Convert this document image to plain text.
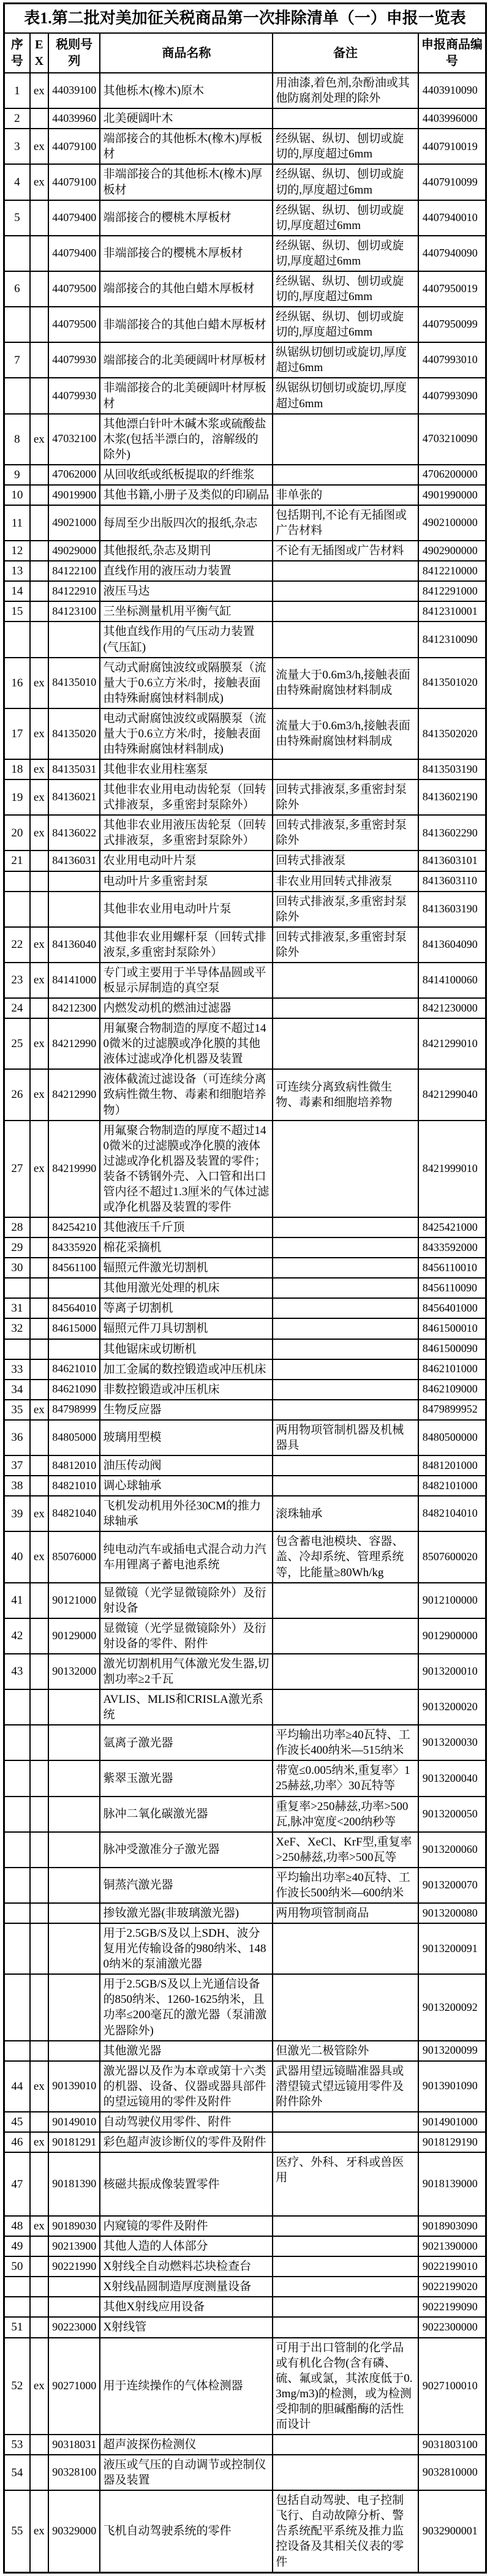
表1.第二批对美加征关税商品第一次排除清单（一）申报一览表					
序号	EX	税则号列	商品名称	备注	申报商品编号
1	ex	44039100	其他栎木(橡木)原木	用油漆,着色剂,杂酚油或其他防腐剂处理的除外	4403910090
2		44039960	北美硬阔叶木		4403996000
3	ex	44079100	端部接合的其他栎木(橡木)厚板材	经纵锯、纵切、刨切或旋切的,厚度超过6mm	4407910019
4	ex	44079100	非端部接合的其他栎木(橡木)厚板材	经纵锯、纵切、刨切或旋切的,厚度超过6mm	4407910099
5		44079400	端部接合的樱桃木厚板材	经纵锯、纵切、刨切或旋切,厚度超过6mm	4407940010
		44079400	非端部接合的樱桃木厚板材	经纵锯、纵切、刨切或旋切,厚度超过6mm	4407940090
6		44079500	端部接合的其他白蜡木厚板材	经纵锯、纵切、刨切或旋切的,厚度超过6mm	4407950019
		44079500	非端部接合的其他白蜡木厚板材	经纵锯、纵切、刨切或旋切的,厚度超过6mm	4407950099
7		44079930	端部接合的北美硬阔叶材厚板材	纵锯纵切刨切或旋切,厚度超过6mm	4407993010
		44079930	非端部接合的北美硬阔叶材厚板材	纵锯纵切刨切或旋切,厚度超过6mm	4407993090
8	ex	47032100	其他漂白针叶木碱木浆或硫酸盐木浆(包括半漂白的，溶解级的除外)		4703210090
9		47062000	从回收纸或纸板提取的纤维浆		4706200000
10		49019900	其他书籍,小册子及类似的印刷品	非单张的	4901990000
11		49021000	每周至少出版四次的报纸,杂志	包括期刊,不论有无插图或广告材料	4902100000
12		49029000	其他报纸,杂志及期刊	不论有无插图或广告材料	4902900000
13		84122100	直线作用的液压动力装置		8412210000
14		84122910	液压马达		8412291000
15		84123100	三坐标测量机用平衡气缸		8412310001
			其他直线作用的气压动力装置(气压缸)		8412310090
16	ex	84135010	气动式耐腐蚀波纹或隔膜泵（流量大于0.6立方米/时，接触表面由特殊耐腐蚀材料制成)	流量大于0.6m3/h,接触表面由特殊耐腐蚀材料制成	8413501020
17	ex	84135020	电动式耐腐蚀波纹或隔膜泵（流量大于0.6立方米/时，接触表面由特殊耐腐蚀材料制成)	流量大于0.6m3/h,接触表面由特殊耐腐蚀材料制成	8413502020
18	ex	84135031	其他非农业用柱塞泵		8413503190
19	ex	84136021	其他非农业用电动齿轮泵（回转式排液泵，多重密封泵除外）	回转式排液泵,多重密封泵除外	8413602190
20	ex	84136022	其他非农业用液压齿轮泵（回转式排液泵，多重密封泵除外）	回转式排液泵,多重密封泵除外	8413602290
21		84136031	农业用电动叶片泵	回转式排液泵	8413603101
			电动叶片多重密封泵	非农业用回转式排液泵	8413603110
			其他非农业用电动叶片泵	回转式排液泵,多重密封泵除外	8413603190
22	ex	84136040	其他非农业用螺杆泵（回转式排液泵,多重密封泵除外）	回转式排液泵,多重密封泵除外	8413604090
23	ex	84141000	专门或主要用于半导体晶圆或平板显示屏制造的真空泵		8414100060
24		84212300	内燃发动机的燃油过滤器		8421230000
25	ex	84212990	用氟聚合物制造的厚度不超过140微米的过滤膜或净化膜的其他液体过滤或净化机器及装置		8421299010
26	ex	84212990	液体截流过滤设备（可连续分离致病性微生物、毒素和细胞培养物）	可连续分离致病性微生物、毒素和细胞培养物	8421299040
27	ex	84219990	用氟聚合物制造的厚度不超过140微米的过滤膜或净化膜的液体过滤或净化机器及装置的零件；装备不锈钢外壳、入口管和出口管内径不超过1.3厘米的气体过滤或净化机器及装置的零件		8421999010
28		84254210	其他液压千斤顶		8425421000
29		84335920	棉花采摘机		8433592000
30		84561100	辐照元件激光切割机		8456110010
			其他用激光处理的机床		8456110090
31		84564010	等离子切割机		8456401000
32		84615000	辐照元件刀具切割机		8461500010
			其他锯床或切断机		8461500090
33		84621010	加工金属的数控锻造或冲压机床		8462101000
34		84621090	非数控锻造或冲压机床		8462109000
35	ex	84798999	生物反应器		8479899952
36		84805000	玻璃用型模	两用物项管制机器及机械器具	8480500000
37		84812010	油压传动阀		8481201000
38		84821010	调心球轴承		8482101000
39	ex	84821040	飞机发动机用外径30CM的推力球轴承	滚珠轴承	8482104010
40	ex	85076000	纯电动汽车或插电式混合动力汽车用锂离子蓄电池系统	包含蓄电池模块、容器、盖、冷却系统、管理系统等，比能量≥80Wh/kg	8507600020
41		90121000	显微镜（光学显微镜除外）及衍射设备		9012100000
42		90129000	显微镜（光学显微镜除外）及衍射设备的零件、附件		9012900000
43		90132000	激光切割机用气体激光发生器,切割功率≥2千瓦		9013200010
			AVLIS、MLIS和CRISLA激光系统		9013200020
			氩离子激光器	平均输出功率≥40瓦特、工作波长400纳米—515纳米	9013200030
			紫翠玉激光器	带宽≤0.005纳米,重复率〉125赫兹,功率〉30瓦特等	9013200040
			脉冲二氧化碳激光器	重复率>250赫兹,功率>500瓦,脉冲宽度<200纳秒等	9013200050
			脉冲受激准分子激光器	XeF、XeCl、KrF型,重复率>250赫兹,功率>500瓦等	9013200060
			铜蒸汽激光器	平均输出功率≥40瓦特、工作波长500纳米—600纳米	9013200070
			掺钕激光器(非玻璃激光器)	两用物项管制商品	9013200080
			用于2.5GB/S及以上SDH、波分复用光传输设备的980纳米、1480纳米的泵浦激光器		9013200091
			用于2.5GB/S及以上光通信设备的850纳米、1260-1625纳米，且功率≤200毫瓦的激光器（泵浦激光器除外)		9013200092
			其他激光器	但激光二极管除外	9013200099
44	ex	90139010	激光器以及作为本章或第十六类的机器、设备、仪器或器具部件的望远镜用的零件及附件	武器用望远镜瞄准器具或潜望镜式望远镜用零件及附件除外	9013901090
45		90149010	自动驾驶仪用零件、附件		9014901000
46	ex	90181291	彩色超声波诊断仪的零件及附件		9018129190
47		90181390	核磁共振成像装置零件	医疗、外科、牙科或兽医用	9018139000
48	ex	90189030	内窥镜的零件及附件		9018903090
49		90213900	其他人造的人体部分		9021390000
50		90221990	X射线全自动燃料芯块检查台		9022199010
			X射线晶圆制造厚度测量设备		9022199020
			其他X射线应用设备		9022199090
51		90223000	X射线管		9022300000
52	ex	90271000	用于连续操作的气体检测器	可用于出口管制的化学品或有机化合物(含有磷、硫、氟或氯，其浓度低于0.3mg/m3)的检测，或为检测受抑制的胆碱酯酶的活性而设计	9027100010
53		90318031	超声波探伤检测仪		9031803100
54		90328100	液压或气压的自动调节或控制仪器及装置		9032810000
55	ex	90329000	飞机自动驾驶系统的零件	包括自动驾驶、电子控制飞行、自动故障分析、警告系统配平系统及推力监控设备及其相关仪表的零件	9032900001
